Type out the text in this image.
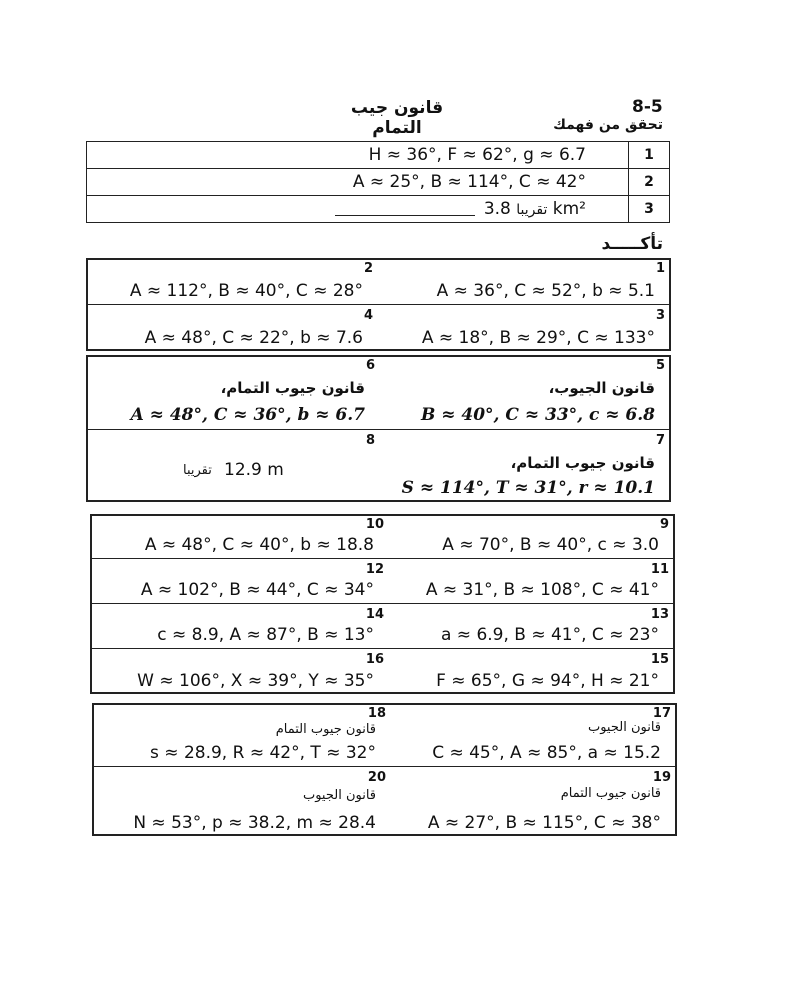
8-5
قانون جيب التمام	تحقق من فهمك
H ≈ 36°, F ≈ 62°, g ≈ 6.7	1
A ≈ 25°, B ≈ 114°, C ≈ 42°	2
تقريبا 3.8 km²	3
تأكـــــد
1
A ≈ 36°, C ≈ 52°, b ≈ 5.1
2
A ≈ 112°, B ≈ 40°, C ≈ 28°
3
A ≈ 18°, B ≈ 29°, C ≈ 133°
4
A ≈ 48°, C ≈ 22°, b ≈ 7.6
5
قانون الجيوب،
B ≈ 40°, C ≈ 33°, c ≈ 6.8
6
قانون جيوب التمام،
A ≈ 48°, C ≈ 36°, b ≈ 6.7
7
قانون جيوب التمام،
S ≈ 114°, T ≈ 31°, r ≈ 10.1
8
تقريبا 12.9 m
9
A ≈ 70°, B ≈ 40°, c ≈ 3.0
10
A ≈ 48°, C ≈ 40°, b ≈ 18.8
11
A ≈ 31°, B ≈ 108°, C ≈ 41°
12
A ≈ 102°, B ≈ 44°, C ≈ 34°
13
a ≈ 6.9, B ≈ 41°, C ≈ 23°
14
c ≈ 8.9, A ≈ 87°, B ≈ 13°
15
F ≈ 65°, G ≈ 94°, H ≈ 21°
16
W ≈ 106°, X ≈ 39°, Y ≈ 35°
17
قانون الجيوب
C ≈ 45°, A ≈ 85°, a ≈ 15.2
18
قانون جيوب التمام
s ≈ 28.9, R ≈ 42°, T ≈ 32°
19
قانون جيوب التمام
A ≈ 27°, B ≈ 115°, C ≈ 38°
20
قانون الجيوب
N ≈ 53°, p ≈ 38.2, m ≈ 28.4
